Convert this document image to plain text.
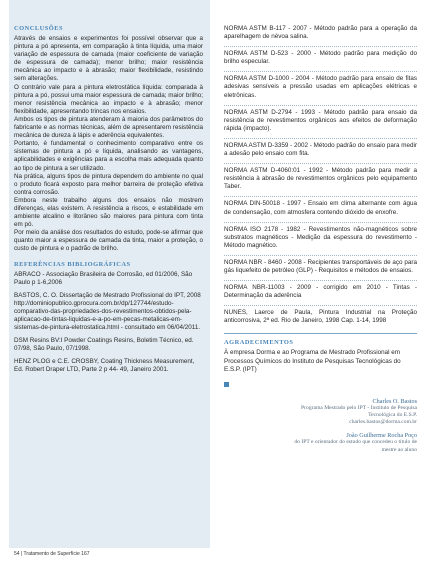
CONCLUSÕES

Através de ensaios e experimentos foi possível observar que a pintura a pó apresenta, em comparação à tinta líquida, uma maior variação de espessura de camada (maior coeficiente de variação de espessura de camada); menor brilho; maior resistência mecânica ao impacto e à abrasão; maior flexibilidade, resistindo sem alterações.

O contrário vale para a pintura eletrostática líquida: comparada à pintura a pó, possui uma maior espessura de camada; maior brilho; menor resistência mecânica ao impacto e à abrasão; menor flexibilidade, apresentando trincas nos ensaios.

Ambos os tipos de pintura atenderam à maioria dos parâmetros do fabricante e as normas técnicas, além de apresentarem resistência mecânica de dureza à lápis e aderência equivalentes.

Portanto, é fundamental o conhecimento comparativo entre os sistemas de pintura a pó e líquida, analisando as vantagens, aplicabilidades e exigências para a escolha mais adequada quanto ao tipo de pintura a ser utilizado.

Na prática, alguns tipos de pintura dependem do ambiente no qual o produto ficará exposto para melhor barreira de proteção efetiva contra corrosão.

Embora neste trabalho alguns dos ensaios não mostrem diferenças, elas existem. A resistência a riscos, e estabilidade em ambiente alcalino e litorâneo são maiores para pintura com tinta em pó.

Por meio da análise dos resultados do estudo, pode-se afirmar que quanto maior a espessura de camada da tinta, maior a proteção, o custo de pintura e o padrão de brilho.

REFERÊNCIAS BIBLIOGRÁFICAS

ABRACO - Associação Brasileira de Corrosão, ed 01/2006, São Paulo p 1-6,2006

BASTOS, C. O. Dissertação de Mestrado Profissional do IPT, 2008 http://dominiopublico.gprocura.com.br/dp/127744/estudo-comparativo-das-propriedades-dos-revestimentos-obtidos-pela-aplicacao-de-tintas-liquidas-e-a-po-em-pecas-metalicas-em-sistemas-de-pintura-eletrostatica.html - consultado em 06/04/2011.

DSM Resins BV:I Powder Coatings Resins, Boletim Técnico, ed. 07/98, São Paulo, 07/1998.

HENZ PLOG e C.E. CROSBY, Coating Thickness Measurement, Ed. Robert Draper LTD, Parte 2 p 44- 49, Janeiro 2001.

NORMA ASTM B-117 - 2007 - Método padrão para a operação da aparelhagem de névoa salina.

NORMA ASTM D-523 - 2000 - Método padrão para medição do brilho especular.

NORMA ASTM D-1000 - 2004 - Método padrão para ensaio de fitas adesivas sensíveis a pressão usadas em aplicações elétricas e eletrônicas.

NORMA ASTM D-2794 - 1993 - Método padrão para ensaio da resistência de revestimentos orgânicos aos efeitos de deformação rápida (impacto).

NORMA ASTM D-3359 - 2002 - Método padrão do ensaio para medir a adesão pelo ensaio com fita.

NORMA ASTM D-4060:01 - 1992 - Método padrão para medir a resistência à abrasão de revestimentos orgânicos pelo equipamento Taber.

NORMA DIN-50018 - 1997 - Ensaio em clima alternante com água de condensação, com atmosfera contendo dióxido de enxofre.

NORMA ISO 2178 - 1982 - Revestimentos não-magnéticos sobre substratos magnéticos - Medição da espessura do revestimento - Método magnético.

NORMA NBR - 8460 - 2008 - Recipientes transportáveis de aço para gás liquefeito de petróleo (GLP) - Requisitos e métodos de ensaios.

NORMA NBR-11003 - 2009 - corrigido em 2010 - Tintas - Determinação da aderência

NUNES, Laerce de Paula, Pintura Industrial na Proteção anticorrosiva, 2ª ed. Rio de Janeiro, 1998 Cap. 1-14, 1998

AGRADECIMENTOS

À empresa Dorma e ao Programa de Mestrado Profissional em Processos Químicos do Instituto de Pesquisas Tecnológicas do E.S.P. (IPT)

Charles O. Bastos

Programa Mestrado pelo IPT - Instituto de Pesquisa

Tecnológica do E.S.P.

charles.bastos@dorma.com.br

João Guilherme Rocha Poço

do IPT e orientador do estudo que concedeu o título de

mestre ao aluno

54 | Tratamento de Superfície 167
